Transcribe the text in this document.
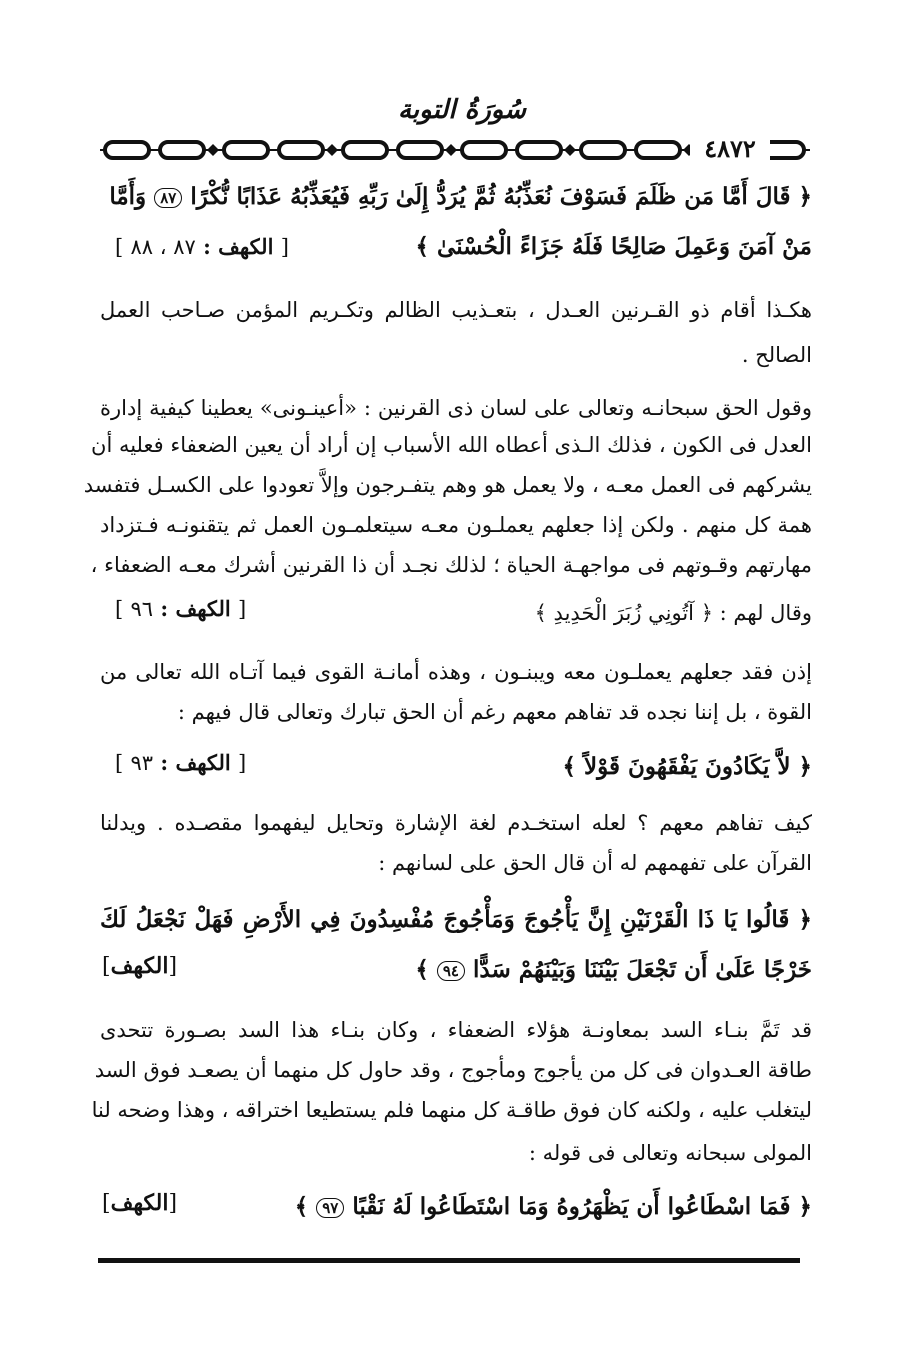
سُورَةُ التوبة
٤٨٧٢
﴿ قَالَ أَمَّا مَن ظَلَمَ فَسَوْفَ نُعَذِّبُهُ ثُمَّ يُرَدُّ إِلَىٰ رَبِّهِ فَيُعَذِّبُهُ عَذَابًا نُّكْرًا ٨٧ وَأَمَّا
مَنْ آمَنَ وَعَمِلَ صَالِحًا فَلَهُ جَزَاءً الْحُسْنَىٰ ﴾
[ الكهف : ٨٧ ، ٨٨ ]
هكـذا أقام ذو القـرنين العـدل ، بتعـذيب الظالم وتكـريم المؤمن صـاحب العمل
الصالح .
وقول الحق سبحانـه وتعالى على لسان ذى القرنين : «أعينـونى» يعطينا كيفية إدارة
العدل فى الكون ، فذلك الـذى أعطاه الله الأسباب إن أراد أن يعين الضعفاء فعليه أن
يشركهم فى العمل معـه ، ولا يعمل هو وهم يتفـرجون وإلاَّ تعودوا على الكسـل فتفسد
همة كل منهم . ولكن إذا جعلهم يعملـون معـه سيتعلمـون العمل ثم يتقنونـه فـتزداد
مهارتهم وقـوتهم فى مواجهـة الحياة ؛ لذلك نجـد أن ذا القرنين أشرك معـه الضعفاء ،
وقال لهم : ﴿ آتُونِي زُبَرَ الْحَدِيدِ ﴾
[ الكهف : ٩٦ ]
إذن فقد جعلهم يعملـون معه ويبنـون ، وهذه أمانـة القوى فيما آتـاه الله تعالى من
القوة ، بل إننا نجده قد تفاهم معهم رغم أن الحق تبارك وتعالى قال فيهم :
﴿ لاَّ يَكَادُونَ يَفْقَهُونَ قَوْلاً ﴾
[ الكهف : ٩٣ ]
كيف تفاهم معهم ؟ لعله استخـدم لغة الإشارة وتحايل ليفهموا مقصـده . ويدلنا
القرآن على تفهمهم له أن قال الحق على لسانهم :
﴿ قَالُوا يَا ذَا الْقَرْنَيْنِ إِنَّ يَأْجُوجَ وَمَأْجُوجَ مُفْسِدُونَ فِي الأَرْضِ فَهَلْ نَجْعَلُ لَكَ
خَرْجًا عَلَىٰ أَن تَجْعَلَ بَيْنَنَا وَبَيْنَهُمْ سَدًّا ٩٤ ﴾
[الكهف]
قد تَمَّ بنـاء السد بمعاونـة هؤلاء الضعفاء ، وكان بنـاء هذا السد بصـورة تتحدى
طاقة العـدوان فى كل من يأجوج ومأجوج ، وقد حاول كل منهما أن يصعـد فوق السد
ليتغلب عليه ، ولكنه كان فوق طاقـة كل منهما فلم يستطيعا اختراقه ، وهذا وضحه لنا
المولى سبحانه وتعالى فى قوله :
﴿ فَمَا اسْطَاعُوا أَن يَظْهَرُوهُ وَمَا اسْتَطَاعُوا لَهُ نَقْبًا ٩٧ ﴾
[الكهف]
